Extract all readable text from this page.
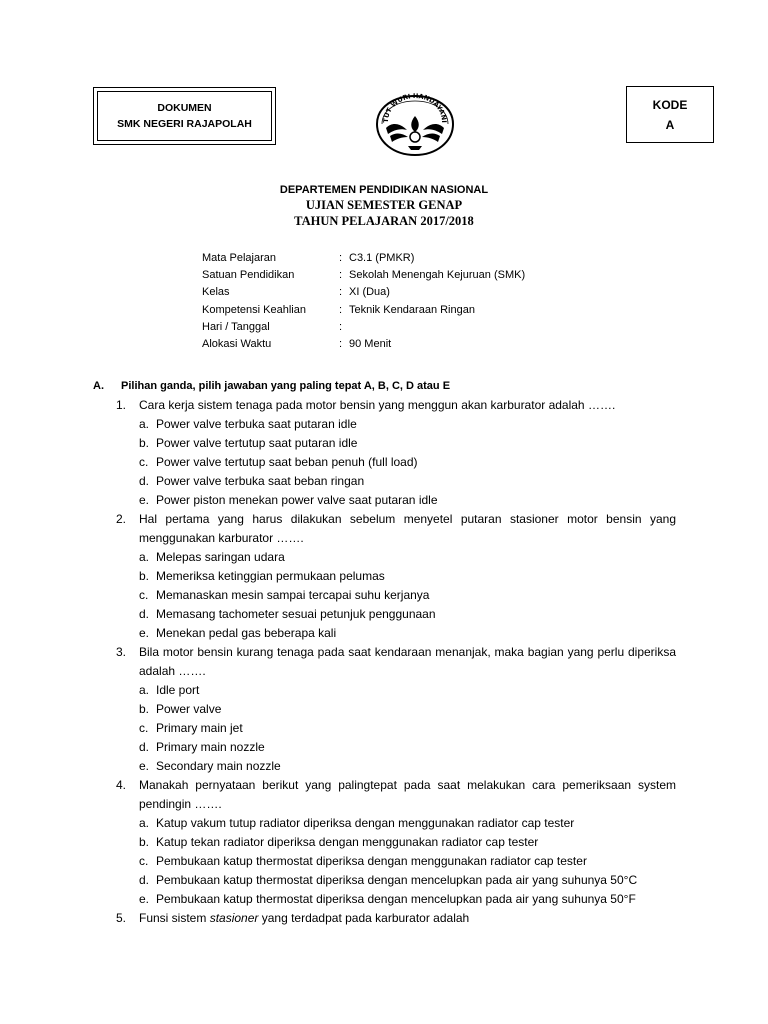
DOKUMEN
SMK NEGERI RAJAPOLAH	TUT WURI HANDAYANI
KODE
A
DEPARTEMEN PENDIDIKAN NASIONAL
UJIAN SEMESTER GENAP
TAHUN PELAJARAN 2017/2018
Mata Pelajaran	: C3.1 (PMKR)
Satuan Pendidikan	: Sekolah Menengah Kejuruan (SMK)
Kelas	: XI (Dua)
Kompetensi Keahlian	: Teknik Kendaraan Ringan
Hari / Tanggal	:
Alokasi Waktu	: 90 Menit
A. Pilihan ganda, pilih jawaban yang paling tepat A, B, C, D atau E
1. Cara kerja sistem tenaga pada motor bensin yang menggun akan karburator adalah …….
a. Power valve terbuka saat putaran idle
b. Power valve tertutup saat putaran idle
c. Power valve tertutup saat beban penuh (full load)
d. Power valve terbuka saat beban ringan
e. Power piston menekan power valve saat putaran idle
2. Hal pertama yang harus dilakukan sebelum menyetel putaran stasioner motor bensin yang menggunakan karburator …….
a. Melepas saringan udara
b. Memeriksa ketinggian permukaan pelumas
c. Memanaskan mesin sampai tercapai suhu kerjanya
d. Memasang tachometer sesuai petunjuk penggunaan
e. Menekan pedal gas beberapa kali
3. Bila motor bensin kurang tenaga pada saat kendaraan menanjak, maka bagian yang perlu diperiksa adalah …….
a. Idle port
b. Power valve
c. Primary main jet
d. Primary main nozzle
e. Secondary main nozzle
4. Manakah pernyataan berikut yang palingtepat pada saat melakukan cara pemeriksaan system pendingin …….
a. Katup vakum tutup radiator diperiksa dengan menggunakan radiator cap tester
b. Katup tekan radiator diperiksa dengan menggunakan radiator cap tester
c. Pembukaan katup thermostat diperiksa dengan menggunakan radiator cap tester
d. Pembukaan katup thermostat diperiksa dengan mencelupkan pada air yang suhunya 50°C
e. Pembukaan katup thermostat diperiksa dengan mencelupkan pada air yang suhunya 50°F
5. Funsi sistem stasioner yang terdadpat pada karburator adalah
